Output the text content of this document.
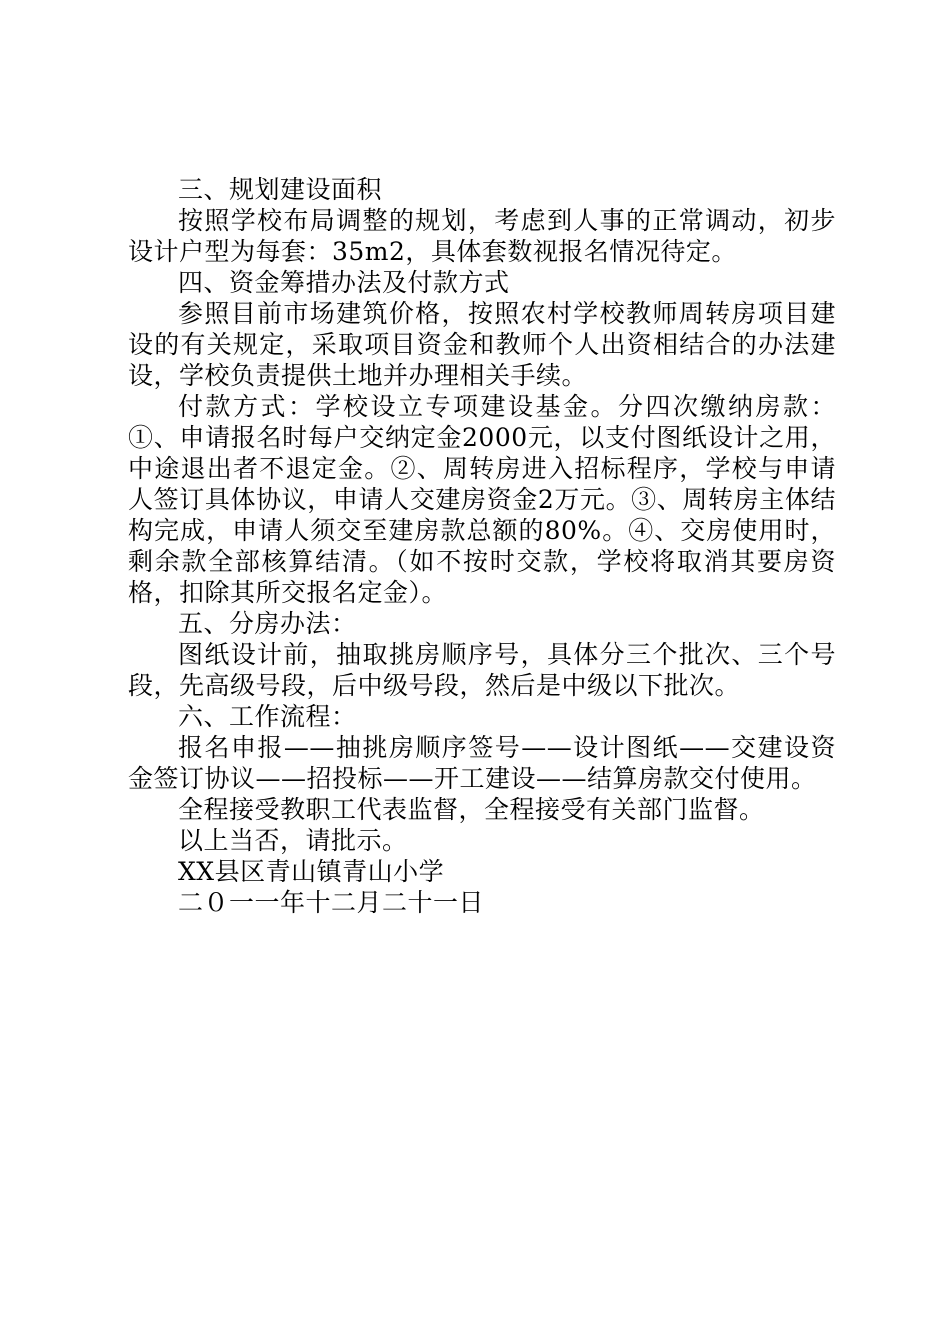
三、规划建设面积

按照学校布局调整的规划，考虑到人事的正常调动，初步设计户型为每套：35m2，具体套数视报名情况待定。

四、资金筹措办法及付款方式

参照目前市场建筑价格，按照农村学校教师周转房项目建设的有关规定，采取项目资金和教师个人出资相结合的办法建设，学校负责提供土地并办理相关手续。

付款方式：学校设立专项建设基金。分四次缴纳房款：①、申请报名时每户交纳定金2000元，以支付图纸设计之用，中途退出者不退定金。②、周转房进入招标程序，学校与申请人签订具体协议，申请人交建房资金2万元。③、周转房主体结构完成，申请人须交至建房款总额的80%。④、交房使用时，剩余款全部核算结清。（如不按时交款，学校将取消其要房资格，扣除其所交报名定金）。

五、分房办法：

图纸设计前，抽取挑房顺序号，具体分三个批次、三个号段，先高级号段，后中级号段，然后是中级以下批次。

六、工作流程：

报名申报——抽挑房顺序签号——设计图纸——交建设资金签订协议——招投标——开工建设——结算房款交付使用。

全程接受教职工代表监督，全程接受有关部门监督。

以上当否，请批示。

XX县区青山镇青山小学

二０一一年十二月二十一日
